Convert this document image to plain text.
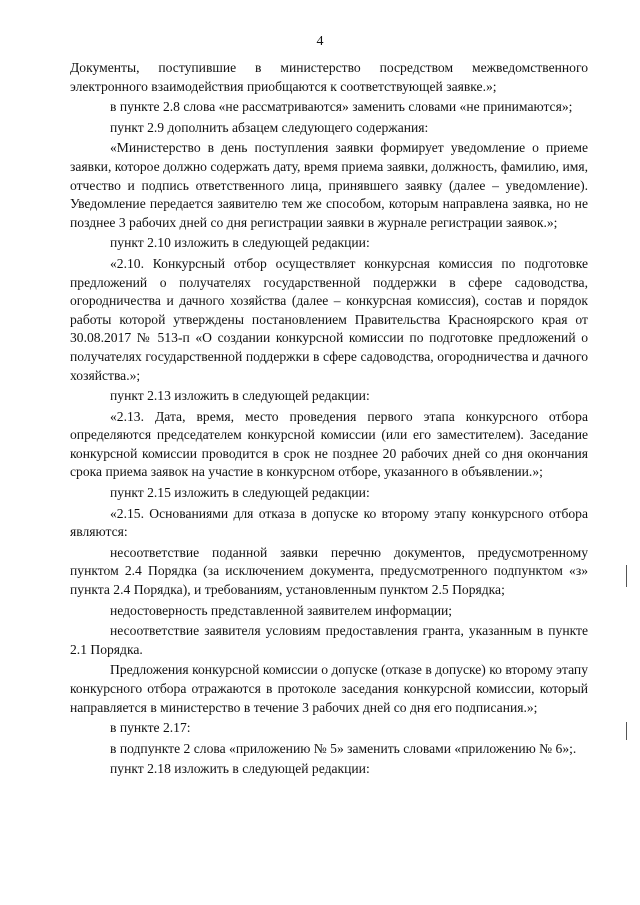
4

Документы, поступившие в министерство посредством межведомственного электронного взаимодействия приобщаются к соответствующей заявке.»;

в пункте 2.8 слова «не рассматриваются» заменить словами «не принимаются»;

пункт 2.9 дополнить абзацем следующего содержания:

«Министерство в день поступления заявки формирует уведомление о приеме заявки, которое должно содержать дату, время приема заявки, должность, фамилию, имя, отчество и подпись ответственного лица, принявшего заявку (далее – уведомление). Уведомление передается заявителю тем же способом, которым направлена заявка, но не позднее 3 рабочих дней со дня регистрации заявки в журнале регистрации заявок.»;

пункт 2.10 изложить в следующей редакции:

«2.10. Конкурсный отбор осуществляет конкурсная комиссия по подготовке предложений о получателях государственной поддержки в сфере садоводства, огородничества и дачного хозяйства (далее – конкурсная комиссия), состав и порядок работы которой утверждены постановлением Правительства Красноярского края от 30.08.2017 № 513-п «О создании конкурсной комиссии по подготовке предложений о получателях государственной поддержки в сфере садоводства, огородничества и дачного хозяйства.»;

пункт 2.13 изложить в следующей редакции:

«2.13. Дата, время, место проведения первого этапа конкурсного отбора определяются председателем конкурсной комиссии (или его заместителем). Заседание конкурсной комиссии проводится в срок не позднее 20 рабочих дней со дня окончания срока приема заявок на участие в конкурсном отборе, указанного в объявлении.»;

пункт 2.15 изложить в следующей редакции:

«2.15. Основаниями для отказа в допуске ко второму этапу конкурсного отбора являются:

несоответствие поданной заявки перечню документов, предусмотренному пунктом 2.4 Порядка (за исключением документа, предусмотренного подпунктом «з» пункта 2.4 Порядка), и требованиям, установленным пунктом 2.5 Порядка;

недостоверность представленной заявителем информации;

несоответствие заявителя условиям предоставления гранта, указанным в пункте 2.1 Порядка.

Предложения конкурсной комиссии о допуске (отказе в допуске) ко второму этапу конкурсного отбора отражаются в протоколе заседания конкурсной комиссии, который направляется в министерство в течение 3 рабочих дней со дня его подписания.»;

в пункте 2.17:

в подпункте 2 слова «приложению № 5» заменить словами «приложению № 6»;.

пункт 2.18 изложить в следующей редакции:
